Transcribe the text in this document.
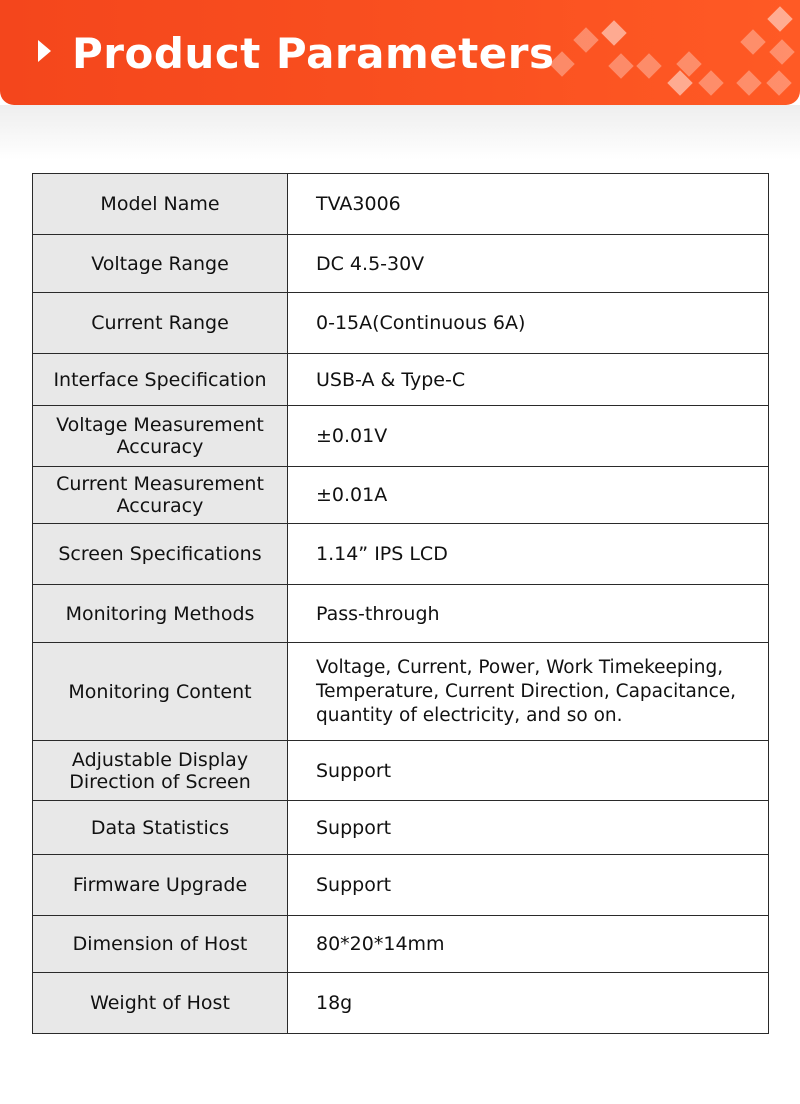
Product Parameters
Model Name	TVA3006
Voltage Range	DC 4.5-30V
Current Range	0-15A(Continuous 6A)
Interface Specification	USB-A & Type-C
Voltage Measurement Accuracy	±0.01V
Current Measurement Accuracy	±0.01A
Screen Specifications	1.14” IPS LCD
Monitoring Methods	Pass-through
Monitoring Content	Voltage, Current, Power, Work Timekeeping, Temperature, Current Direction, Capacitance, quantity of electricity, and so on.
Adjustable Display Direction of Screen	Support
Data Statistics	Support
Firmware Upgrade	Support
Dimension of Host	80*20*14mm
Weight of Host	18g
